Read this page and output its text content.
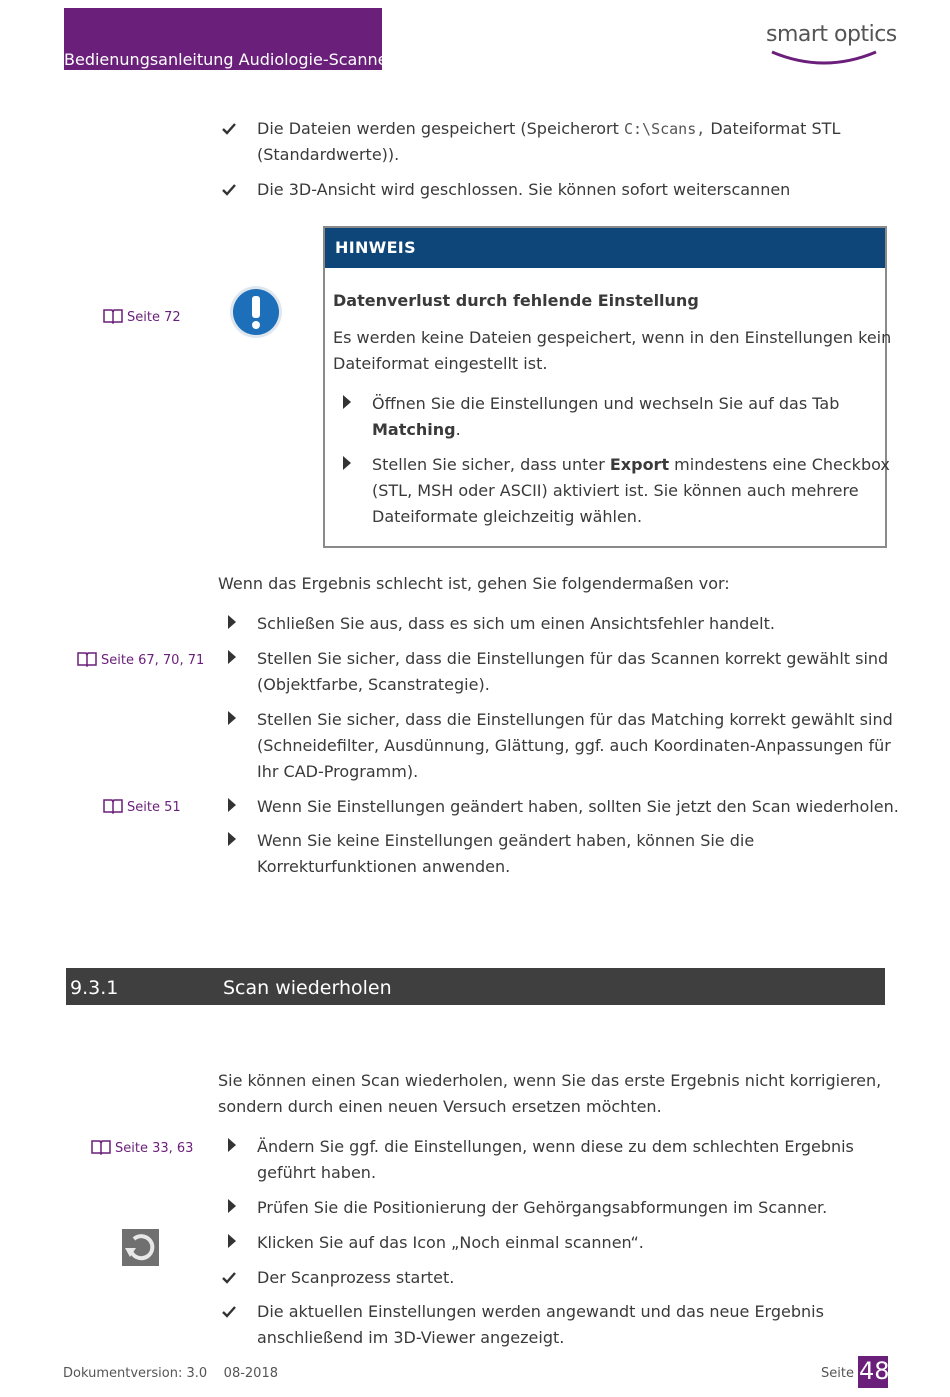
Bedienungsanleitung Audiologie-Scanner
smart optics
Die Dateien werden gespeichert (Speicherort C:\Scans, Dateiformat STL
(Standardwerte)).
Die 3D-Ansicht wird geschlossen. Sie können sofort weiterscannen
Seite 72
HINWEIS
Datenverlust durch fehlende Einstellung
Es werden keine Dateien gespeichert, wenn in den Einstellungen kein
Dateiformat eingestellt ist.
Öffnen Sie die Einstellungen und wechseln Sie auf das Tab
Matching.
Stellen Sie sicher, dass unter Export mindestens eine Checkbox
(STL, MSH oder ASCII) aktiviert ist. Sie können auch mehrere
Dateiformate gleichzeitig wählen.
Wenn das Ergebnis schlecht ist, gehen Sie folgendermaßen vor:
Schließen Sie aus, dass es sich um einen Ansichtsfehler handelt.
Seite 67, 70, 71	Stellen Sie sicher, dass die Einstellungen für das Scannen korrekt gewählt sind
(Objektfarbe, Scanstrategie).
Stellen Sie sicher, dass die Einstellungen für das Matching korrekt gewählt sind
(Schneidefilter, Ausdünnung, Glättung, ggf. auch Koordinaten-Anpassungen für
Ihr CAD-Programm).
Seite 51	Wenn Sie Einstellungen geändert haben, sollten Sie jetzt den Scan wiederholen.
Wenn Sie keine Einstellungen geändert haben, können Sie die
Korrekturfunktionen anwenden.
9.3.1	Scan wiederholen
Sie können einen Scan wiederholen, wenn Sie das erste Ergebnis nicht korrigieren,
sondern durch einen neuen Versuch ersetzen möchten.
Seite 33, 63	Ändern Sie ggf. die Einstellungen, wenn diese zu dem schlechten Ergebnis
geführt haben.
Prüfen Sie die Positionierung der Gehörgangsabformungen im Scanner.
Klicken Sie auf das Icon „Noch einmal scannen“.
Der Scanprozess startet.
Die aktuellen Einstellungen werden angewandt und das neue Ergebnis
anschließend im 3D-Viewer angezeigt.
Dokumentversion: 3.0 08-2018	Seite 48
